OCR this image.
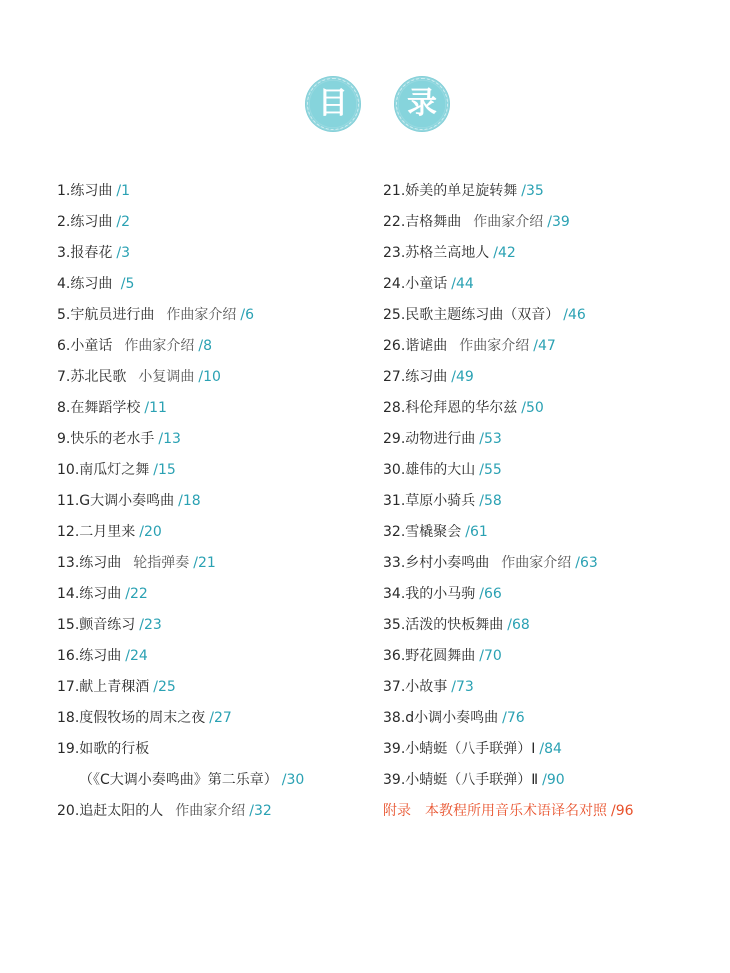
目 录
1.练习曲 /1
2.练习曲 /2
3.报春花 /3
4.练习曲 /5
5.宇航员进行曲 作曲家介绍 /6
6.小童话 作曲家介绍 /8
7.苏北民歌 小复调曲 /10
8.在舞蹈学校 /11
9.快乐的老水手 /13
10.南瓜灯之舞 /15
11.G大调小奏鸣曲 /18
12.二月里来 /20
13.练习曲 轮指弹奏 /21
14.练习曲 /22
15.颤音练习 /23
16.练习曲 /24
17.献上青稞酒 /25
18.度假牧场的周末之夜 /27
19.如歌的行板
（《C大调小奏鸣曲》第二乐章） /30
20.追赶太阳的人 作曲家介绍 /32
21.娇美的单足旋转舞 /35
22.吉格舞曲 作曲家介绍 /39
23.苏格兰高地人 /42
24.小童话 /44
25.民歌主题练习曲（双音） /46
26.谐谑曲 作曲家介绍 /47
27.练习曲 /49
28.科伦拜恩的华尔兹 /50
29.动物进行曲 /53
30.雄伟的大山 /55
31.草原小骑兵 /58
32.雪橇聚会 /61
33.乡村小奏鸣曲 作曲家介绍 /63
34.我的小马驹 /66
35.活泼的快板舞曲 /68
36.野花圆舞曲 /70
37.小故事 /73
38.d小调小奏鸣曲 /76
39.小蜻蜓（八手联弹）Ⅰ /84
39.小蜻蜓（八手联弹）Ⅱ /90
附录　本教程所用音乐术语译名对照 /96
